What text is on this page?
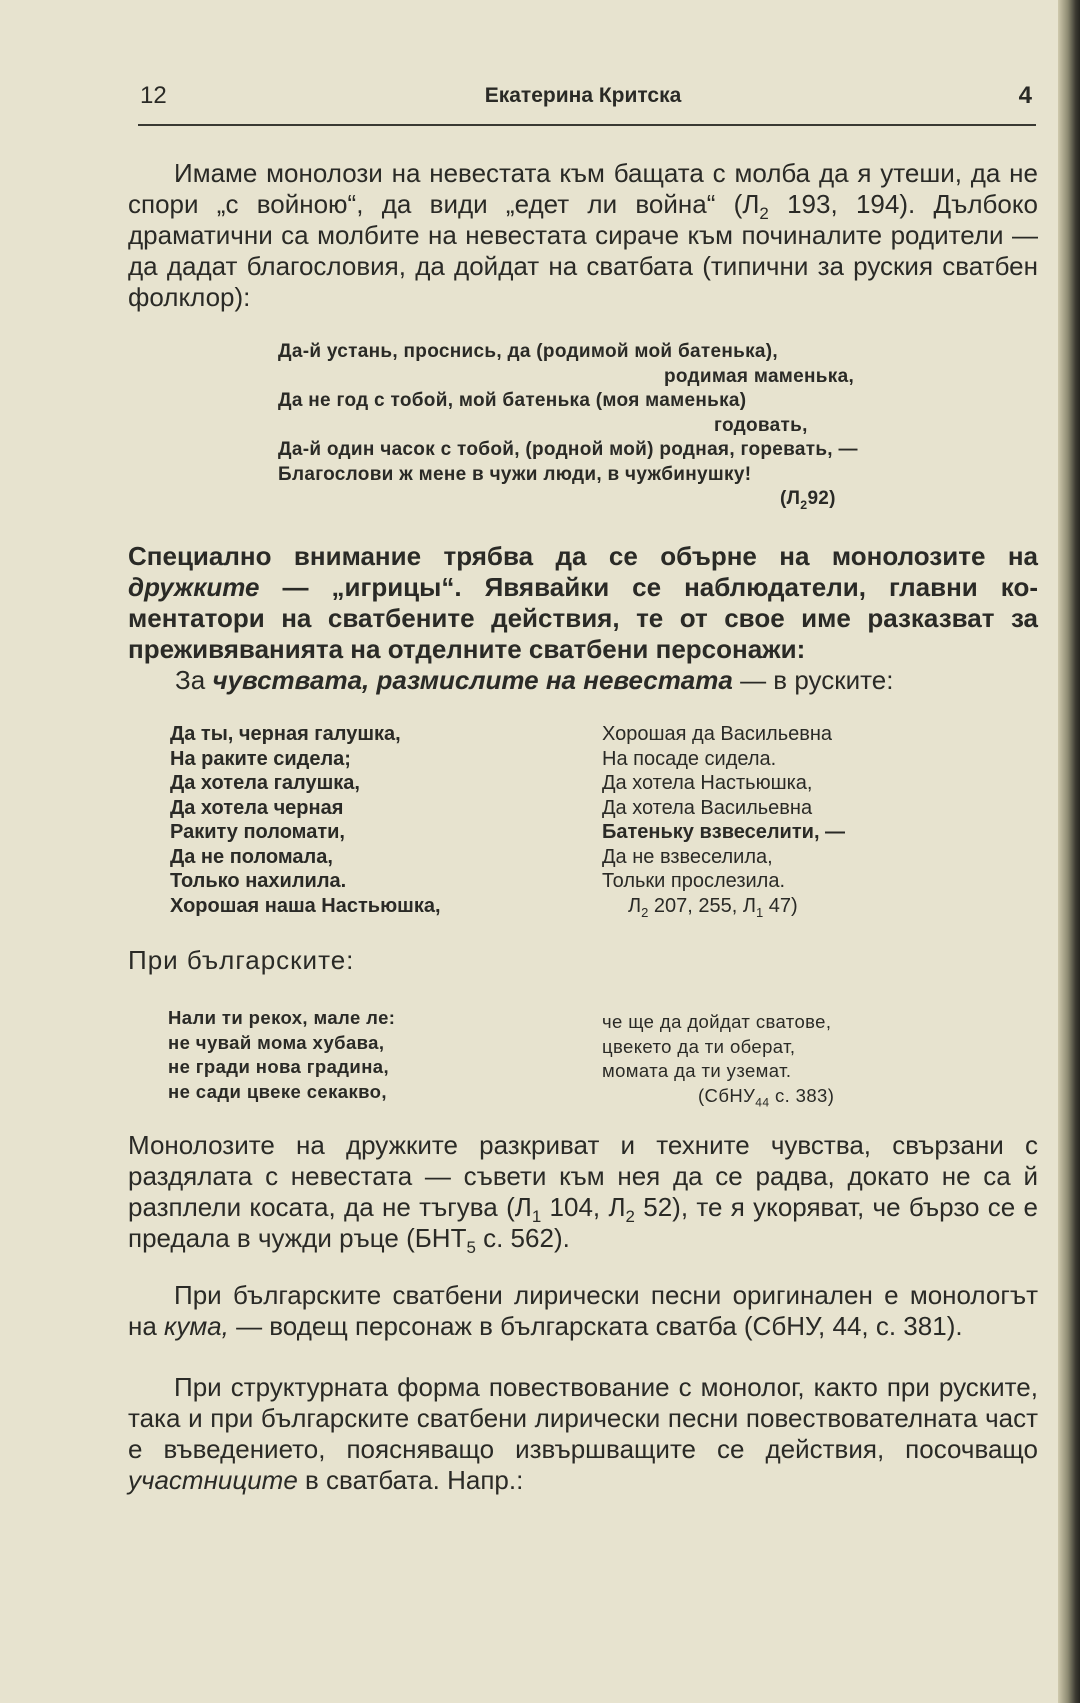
12	Екатерина Критска	4
Имаме монолози на невестата към бащата с молба да я утеши, да не спори „с войною“, да види „едет ли война“ ($Л_2$ 193, 194). Дълбоко драматични са молбите на невестата сираче към починалите родители — да дадат благословия, да дойдат на сватбата (типични за руския сватбен фолклор):
Да-й устань, проснись, да (родимой мой батенька),
родимая маменька,
Да не год с тобой, мой батенька (моя маменька)
годовать,
Да-й один часок с тобой, (родной мой) родная, горевать, —
Благослови ж мене в чужи люди, в чужбинушку!
$(Л_292)$
Специално внимание трябва да се обърне на монолозите на дружките — „игрицы“. Явявайки се наблюдатели, главни коментатори на сватбените действия, те от свое име разказват за преживяванията на отделните сватбени персонажи:
За чувствата, размислите на невестата — в руските:
Да ты, черная галушка,
На раките сидела;
Да хотела галушка,
Да хотела черная
Ракиту поломати,
Да не поломала,
Только нахилила.
Хорошая наша Настьюшка,
Хорошая да Васильевна
На посаде сидела.
Да хотела Настьюшка,
Да хотела Васильевна
Батеньку взвеселити, —
Да не взвеселила,
Тольки прослезила.
$Л_2$ 207, 255, $Л_1$ 47)
При българските:
Нали ти рекох, мале ле:
не чувай мома хубава,
не гради нова градина,
не сади цвеке секакво,
че ще да дойдат сватове,
цвекето да ти оберат,
момата да ти уземат.
(СбНУ$_{44}$ с. 383)
Монолозите на дружките разкриват и техните чувства, свързани с раздялата с невестата — съвети към нея да се радва, докато не са й разплели косата, да не тъгува ($Л_1$ 104, $Л_2$ 52), те я укоряват, че бързо се е предала в чужди ръце ($БНТ_5$ с. 562).
При българските сватбени лирически песни оригинален е монологът на кума, — водещ персонаж в българската сватба (СбНУ, 44, с. 381).
При структурната форма повествование с монолог, както при руските, така и при българските сватбени лирически песни повествователната част е въведението, поясняващо извършващите се действия, посочващо участниците в сватбата. Напр.:
